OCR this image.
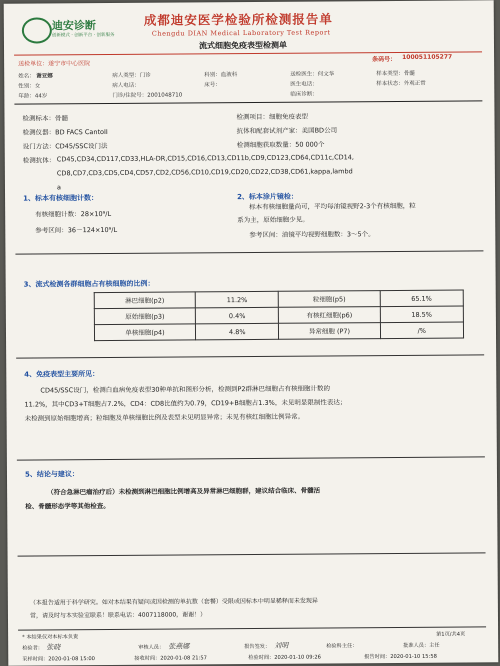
迪安诊断
创新模式 · 创新平台 · 创新服务
成都迪安医学检验所检测报告单
Chengdu DIAN Medical Laboratory Test Report
流式细胞免疫表型检测单
送检单位：遂宁市中心医院
条码号： 100051105277
姓名： 谢亚娜
性别：女
年龄：44岁
病人类型：门诊
病人电话：
门诊/住院号：2001048710
科别：血液科
床号：
送检医生：何文华
医生电话：
临床诊断：
样本类型：骨髓
样本状态：外观正常
检测标本：骨髓
检测仪器：BD FACS CantoII
设门方法：CD45/SSC设门法
检测抗体： CD45,CD34,CD117,CD33,HLA-DR,CD15,CD16,CD13,CD11b,CD9,CD123,CD64,CD11c,CD14,
CD8,CD7,CD3,CD5,CD4,CD57,CD2,CD56,CD10,CD19,CD20,CD22,CD38,CD61,kappa,lambd
a
检测项目：细胞免疫表型
抗体和配套试剂产家：美国BD公司
检测细胞获取数量：50 000个
1、标本有核细胞计数：
有核细胞计数：28×10⁹/L
参考区间：36－124×10⁹/L
2、标本涂片镜检：
标本有核细胞量尚可，平均每油镜视野2-3个有核细胞，粒
系为主，原始细胞少见。
参考区间：油镜平均视野细胞数：3～5个。
3、流式检测各群细胞占有核细胞的比例：
淋巴细胞(p2)	11.2%	粒细胞(p5)	65.1%
原始细胞(p3)	0.4%	有核红细胞(p6)	18.5%
单核细胞(p4)	4.8%	异常细胞 (P7)	/%
4、免疫表型主要所见：
CD45/SSC设门，检测白血病免疫表型30种单抗和图形分析，检测到P2群淋巴细胞占有核细胞计数的
11.2%，其中CD3+T细胞占7.2%，CD4：CD8比值约为0.79，CD19+B细胞占1.3%，未见明显限制性表达；
未检测到原始细胞增高；粒细胞及单核细胞比例及表型未见明显异常；未见有核红细胞比例异常。
5、结论与建议：
（符合急淋巴瘤治疗后）未检测到淋巴细胞比例增高及异常淋巴细胞群，建议结合临床、骨髓活
检、骨髓形态学等其他检查。
（本报告适用于科学研究。如对本结果有疑问或因检测的单抗数（套餐）受限或因标本中明显稀释而未发现异
常，请及时与本实验室联系！联系电话：4007118000，谢谢！）
* 本结果仅对本标本负责	第1页/共4页
检验者： 张晓	审核人员： 张燕娜	报告签发： 刘明	检验科主任：	批准人员：主任
采样时间：2020-01-08 15:00	接收时间：2020-01-08 21:57	检验时间：2020-01-10 09:26	报告时间：2020-01-10 15:58
